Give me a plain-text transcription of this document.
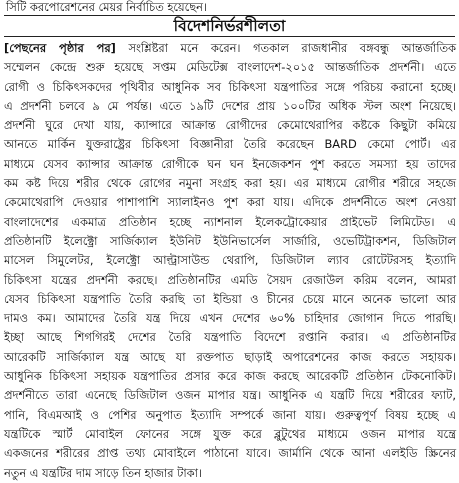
সিটি করপোরেশনের মেয়র নির্বাচিত হয়েছেন।
বিদেশনির্ভরশীলতা
[পেছনের পৃষ্ঠার পর] সংশ্লিষ্টরা মনে করেন। গতকাল রাজধানীর বঙ্গবন্ধু আন্তর্জাতিক
সম্মেলন কেন্দ্রে শুরু হয়েছে সপ্তম মেডিটেক্স বাংলাদেশ-২০১৫ আন্তর্জাতিক প্রদর্শনী। এতে
রোগী ও চিকিৎসকদের পৃথিবীর আধুনিক সব চিকিৎসা যন্ত্রপাতির সঙ্গে পরিচয় করানো হচ্ছে।
এ প্রদর্শনী চলবে ৯ মে পর্যন্ত। এতে ১৯টি দেশের প্রায় ১০০টির অধিক স্টল অংশ নিয়েছে।
প্রদর্শনী ঘুরে দেখা যায়, ক্যান্সারে আক্রান্ত রোগীদের কেমোথেরাপির কষ্টকে কিছুটা কমিয়ে
আনতে মার্কিন যুক্তরাষ্ট্রের চিকিৎসা বিজ্ঞানীরা তৈরি করেছেন BARD কেমো পোর্ট। এর
মাধ্যমে যেসব ক্যান্সার আক্রান্ত রোগীকে ঘন ঘন ইনজেকশন পুশ করতে সমস্যা হয় তাদের
কম কষ্ট দিয়ে শরীর থেকে রোগের নমুনা সংগ্রহ করা হয়। এর মাধ্যমে রোগীর শরীরে সহজে
কেমোথেরাপি দেওয়ার পাশাপাশি স্যালাইনও পুশ করা যায়। এদিকে প্রদর্শনীতে অংশ নেওয়া
বাংলাদেশের একমাত্র প্রতিষ্ঠান হচ্ছে ন্যাশনাল ইলেকট্রোকেয়ার প্রাইভেট লিমিটেড। এ
প্রতিষ্ঠানটি ইলেক্ট্রো সার্জিক্যাল ইউনিট ইউনিভার্সেল সার্জারি, ওভেটিট্রাকশন, ডিজিটাল
মাসেল সিমুলেটর, ইলেক্ট্রো আল্ট্রাসাউন্ড থেরাপি, ডিজিটাল ল্যাব রোটেটরসহ ইত্যাদি
চিকিৎসা যন্ত্রের প্রদর্শনী করছে। প্রতিষ্ঠানটির এমডি সৈয়দ রেজাউল করিম বলেন, আমরা
যেসব চিকিৎসা যন্ত্রপাতি তৈরি করছি তা ইন্ডিয়া ও চীনের চেয়ে মানে অনেক ভালো আর
দামও কম। আমাদের তৈরি যন্ত্র দিয়ে এখন দেশের ৬০% চাহিদার জোগান দিতে পারছি।
ইচ্ছা আছে শিগগিরই দেশের তৈরি যন্ত্রপাতি বিদেশে রপ্তানি করার। এ প্রতিষ্ঠানটির
আরেকটি সার্জিক্যাল যন্ত্র আছে যা রক্তপাত ছাড়াই অপারেশনের কাজ করতে সহায়ক।
আধুনিক চিকিৎসা সহায়ক যন্ত্রপাতির প্রসার করে কাজ করছে আরেকটি প্রতিষ্ঠান টেকনোকিট।
প্রদর্শনীতে তারা এনেছে ডিজিটাল ওজন মাপার যন্ত্র। আধুনিক এ যন্ত্রটি দিয়ে শরীরের ফ্যাট,
পানি, বিএমআই ও পেশির অনুপাত ইত্যাদি সম্পর্কে জানা যায়। গুরুত্বপূর্ণ বিষয় হচ্ছে এ
যন্ত্রটিকে স্মার্ট মোবাইল ফোনের সঙ্গে যুক্ত করে ব্লুটুথের মাধ্যমে ওজন মাপার যন্ত্রে
একজনের শরীরের প্রাপ্ত তথ্য মোবাইলে পাঠানো যাবে। জার্মানি থেকে আনা এলইডি স্ক্রিনের
নতুন এ যন্ত্রটির দাম সাড়ে তিন হাজার টাকা।
